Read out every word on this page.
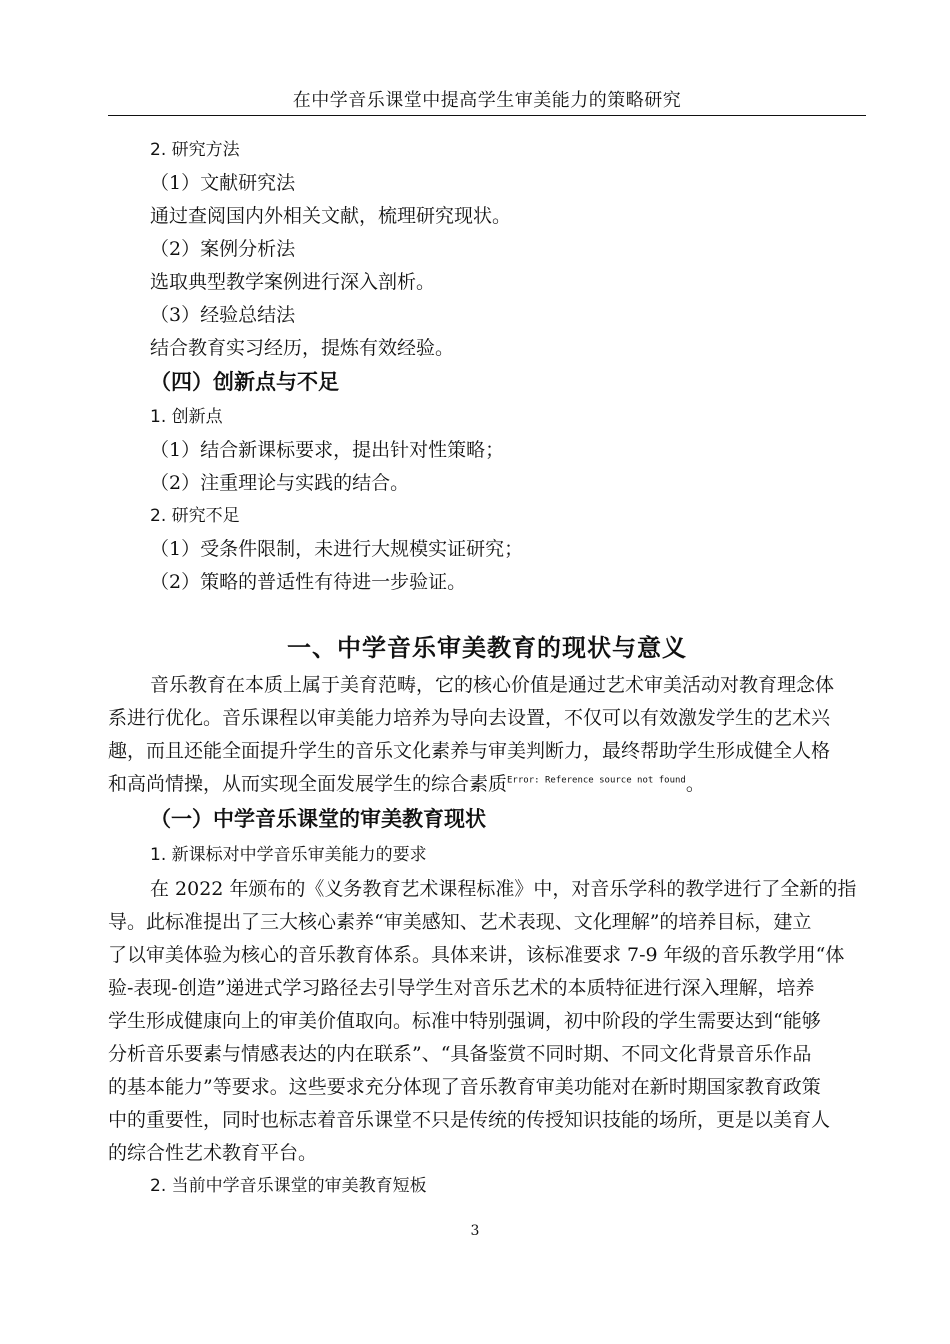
在中学音乐课堂中提高学生审美能力的策略研究
2. 研究方法
（1）文献研究法
通过查阅国内外相关文献，梳理研究现状。
（2）案例分析法
选取典型教学案例进行深入剖析。
（3）经验总结法
结合教育实习经历，提炼有效经验。
（四）创新点与不足
1. 创新点
（1）结合新课标要求，提出针对性策略；
（2）注重理论与实践的结合。
2. 研究不足
（1）受条件限制，未进行大规模实证研究；
（2）策略的普适性有待进一步验证。
一、中学音乐审美教育的现状与意义
音乐教育在本质上属于美育范畴，它的核心价值是通过艺术审美活动对教育理念体
系进行优化。音乐课程以审美能力培养为导向去设置，不仅可以有效激发学生的艺术兴
趣，而且还能全面提升学生的音乐文化素养与审美判断力，最终帮助学生形成健全人格
和高尚情操，从而实现全面发展学生的综合素质$^{Error: Reference source not found}$。
（一）中学音乐课堂的审美教育现状
1. 新课标对中学音乐审美能力的要求
在 2022 年颁布的《义务教育艺术课程标准》中，对音乐学科的教学进行了全新的指
导。此标准提出了三大核心素养“审美感知、艺术表现、文化理解”的培养目标，建立
了以审美体验为核心的音乐教育体系。具体来讲，该标准要求 7-9 年级的音乐教学用“体
验-表现-创造”递进式学习路径去引导学生对音乐艺术的本质特征进行深入理解，培养
学生形成健康向上的审美价值取向。标准中特别强调，初中阶段的学生需要达到“能够
分析音乐要素与情感表达的内在联系”、“具备鉴赏不同时期、不同文化背景音乐作品
的基本能力”等要求。这些要求充分体现了音乐教育审美功能对在新时期国家教育政策
中的重要性，同时也标志着音乐课堂不只是传统的传授知识技能的场所，更是以美育人
的综合性艺术教育平台。
2. 当前中学音乐课堂的审美教育短板
3
